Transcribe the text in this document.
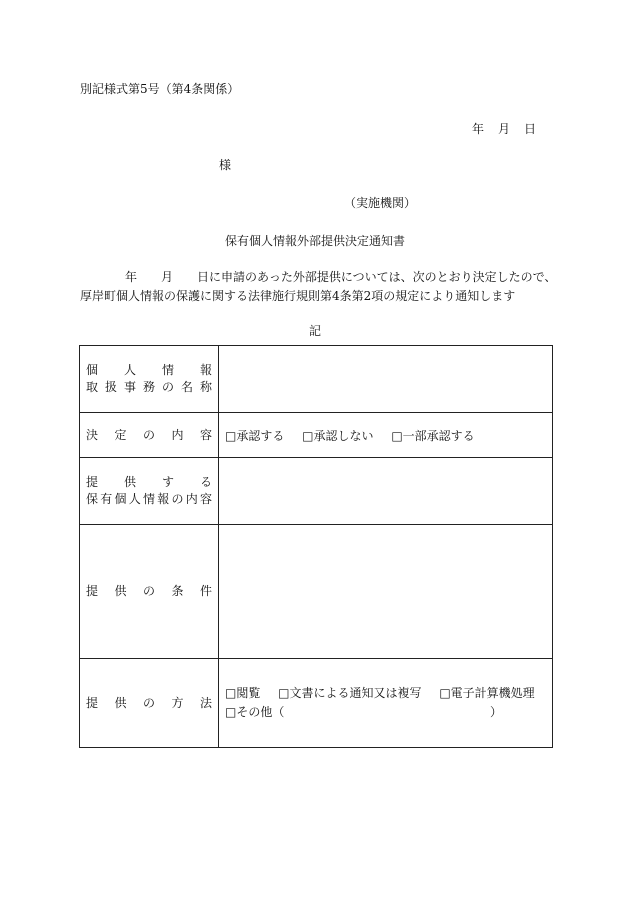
別記様式第5号（第4条関係）
年　月　日
様
（実施機関）
保有個人情報外部提供決定通知書
年　　月　　日に申請のあった外部提供については、次のとおり決定したので、
厚岸町個人情報の保護に関する法律施行規則第4条第2項の規定により通知します
記
個人情報
取扱事務の名称	

決定の内容	□承認する □承認しない □一部承認する

提供する
保有個人情報の内容	

提供の条件	

提供の方法	□閲覧 □文書による通知又は複写 □電子計算機処理
□その他（ ）
